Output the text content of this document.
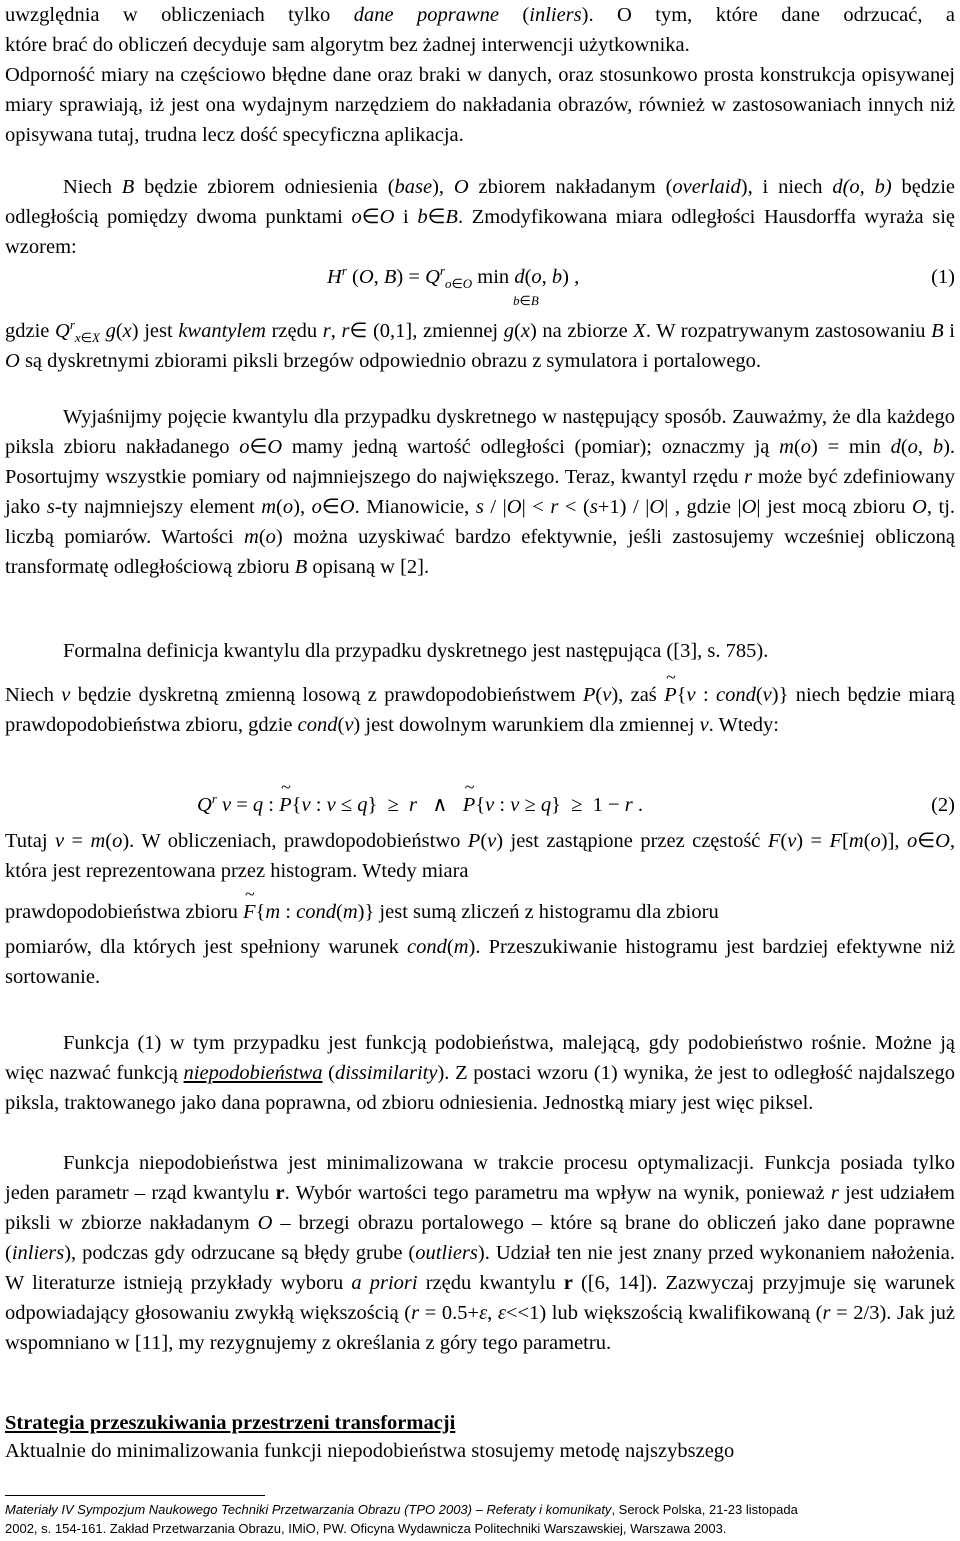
uwzględnia w obliczeniach tylko dane poprawne (inliers). O tym, które dane odrzucać, a
które brać do obliczeń decyduje sam algorytm bez żadnej interwencji użytkownika.
Odporność miary na częściowo błędne dane oraz braki w danych, oraz stosunkowo prosta konstrukcja opisywanej miary sprawiają, iż jest ona wydajnym narzędziem do nakładania obrazów, również w zastosowaniach innych niż opisywana tutaj, trudna lecz dość specyficzna aplikacja.
Niech B będzie zbiorem odniesienia (base), O zbiorem nakładanym (overlaid), i niech d(o, b) będzie odległością pomiędzy dwoma punktami o∈O i b∈B. Zmodyfikowana miara odległości Hausdorffa wyraża się wzorem:
$H^r$ (O, $B) = Q^r_{o\in O}$ min d(o, b) ,
b∈B
(1)
gdzie $Q^r_{x\in X}$ g(x) jest kwantylem rzędu r, r∈ (0,1], zmiennej g(x) na zbiorze X. W rozpatrywanym zastosowaniu B i O są dyskretnymi zbiorami piksli brzegów odpowiednio obrazu z symulatora i portalowego.
Wyjaśnijmy pojęcie kwantylu dla przypadku dyskretnego w następujący sposób. Zauważmy, że dla każdego piksla zbioru nakładanego o∈O mamy jedną wartość odległości (pomiar); oznaczmy ją m(o) = min d(o, b). Posortujmy wszystkie pomiary od najmniejszego do największego. Teraz, kwantyl rzędu r może być zdefiniowany jako s-ty najmniejszy element m(o), o∈O. Mianowicie, s / |O| < r < (s+1) / |O| , gdzie |O| jest mocą zbioru O, tj. liczbą pomiarów. Wartości m(o) można uzyskiwać bardzo efektywnie, jeśli zastosujemy wcześniej obliczoną transformatę odległościową zbioru B opisaną w [2].
Formalna definicja kwantylu dla przypadku dyskretnego jest następująca ([3], s. 785).
Niech v będzie dyskretną zmienną losową z prawdopodobieństwem P(v), zaś ~ P{v : cond(v)} niech będzie miarą prawdopodobieństwa zbioru, gdzie cond(v) jest dowolnym warunkiem dla zmiennej v. Wtedy:
$Q^r$ v = q : ~ P{v : v ≤ q}  ≥  r   ∧   ~ P{v : v ≥ q}  ≥  1 − r .	(2)
Tutaj v = m(o). W obliczeniach, prawdopodobieństwo P(v) jest zastąpione przez częstość F(v) = F[m(o)], o∈O, która jest reprezentowana przez histogram. Wtedy miara
prawdopodobieństwa zbioru ~ F{m : cond(m)} jest sumą zliczeń z histogramu dla zbioru
pomiarów, dla których jest spełniony warunek cond(m). Przeszukiwanie histogramu jest bardziej efektywne niż sortowanie.
Funkcja (1) w tym przypadku jest funkcją podobieństwa, malejącą, gdy podobieństwo rośnie. Możne ją więc nazwać funkcją niepodobieństwa (dissimilarity). Z postaci wzoru (1) wynika, że jest to odległość najdalszego piksla, traktowanego jako dana poprawna, od zbioru odniesienia. Jednostką miary jest więc piksel.
Funkcja niepodobieństwa jest minimalizowana w trakcie procesu optymalizacji. Funkcja posiada tylko jeden parametr – rząd kwantylu r. Wybór wartości tego parametru ma wpływ na wynik, ponieważ r jest udziałem piksli w zbiorze nakładanym O – brzegi obrazu portalowego – które są brane do obliczeń jako dane poprawne (inliers), podczas gdy odrzucane są błędy grube (outliers). Udział ten nie jest znany przed wykonaniem nałożenia. W literaturze istnieją przykłady wyboru a priori rzędu kwantylu r ([6, 14]). Zazwyczaj przyjmuje się warunek odpowiadający głosowaniu zwykłą większością (r = 0.5+ε, ε<<1) lub większością kwalifikowaną (r = 2/3). Jak już wspomniano w [11], my rezygnujemy z określania z góry tego parametru.
Strategia przeszukiwania przestrzeni transformacji
Aktualnie do minimalizowania funkcji niepodobieństwa stosujemy metodę najszybszego
Materiały IV Sympozjum Naukowego Techniki Przetwarzania Obrazu (TPO 2003) – Referaty i komunikaty, Serock Polska, 21-23 listopada
2002, s. 154-161. Zakład Przetwarzania Obrazu, IMiO, PW. Oficyna Wydawnicza Politechniki Warszawskiej, Warszawa 2003.
